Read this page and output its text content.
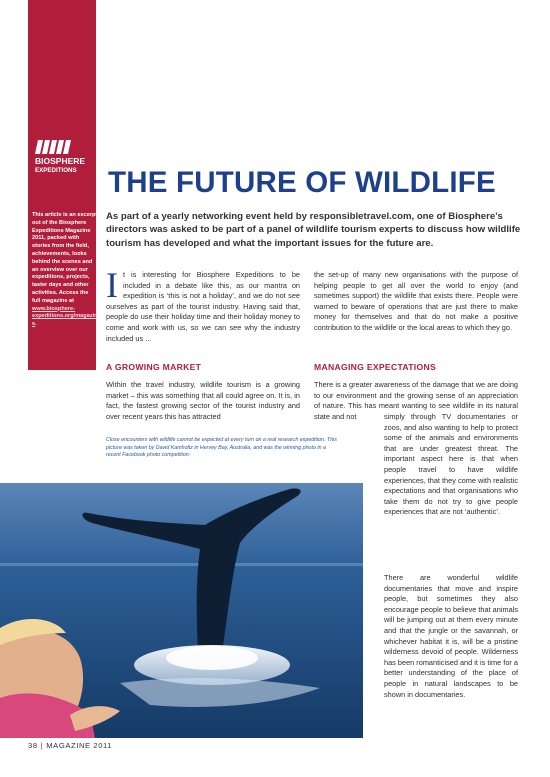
BIOSPHERE
EXPEDITIONS
This article is an excerpt out of the Biosphere Expeditions Magazine 2011, packed with stories from the field, achievements, looks behind the scenes and an overview over our expeditions, projects, taster days and other activities. Access the full magazine at www.biosphere-expeditions.org/magazine.
THE FUTURE OF WILDLIFE

As part of a yearly networking event held by responsibletravel.com, one of Biosphere’s directors was asked to be part of a panel of wildlife tourism experts to discuss how wildlife tourism has developed and what the important issues for the future are.

It is interesting for Biosphere Expeditions to be included in a debate like this, as our mantra on expedition is ‘this is not a holiday’, and we do not see ourselves as part of the tourist industry. Having said that, people do use their holiday time and their holiday money to come and work with us, so we can see why the industry included us ...

A GROWING MARKET

Within the travel industry, wildlife tourism is a growing market – this was something that all could agree on. It is, in fact, the fastest growing sector of the tourist industry and over recent years this has attracted

the set-up of many new organisations with the purpose of helping people to get all over the world to enjoy (and sometimes support) the wildlife that exists there. People were warned to beware of operations that are just there to make money for themselves and that do not make a positive contribution to the wildlife or the local areas to which they go.

MANAGING EXPECTATIONS

There is a greater awareness of the damage that we are doing to our environment and the growing sense of an appreciation of nature. This has meant wanting to see wildlife in its natural state and not	simply through TV documentaries or zoos, and also wanting to help to protect some of the animals and environments that are under greatest threat. The important aspect here is that when people travel to have wildlife experiences, that they come with realistic expectations and that organisations who take them do not try to give people experiences that are not ‘authentic’.

There are wonderful wildlife documentaries that move and inspire people, but sometimes they also encourage people to believe that animals will be jumping out at them every minute and that the jungle or the savannah, or whichever habitat it is, will be a pristine wilderness devoid of people. Wilderness has been romanticised and it is time for a better understanding of the place of people in natural landscapes to be shown in documentaries.

Close encounters with wildlife cannot be expected at every turn on a real research expedition. This picture was taken by David Kamholtz in Hervey Bay, Australia, and was the winning photo in a recent Facebook photo competition.

38 | MAGAZINE 2011
